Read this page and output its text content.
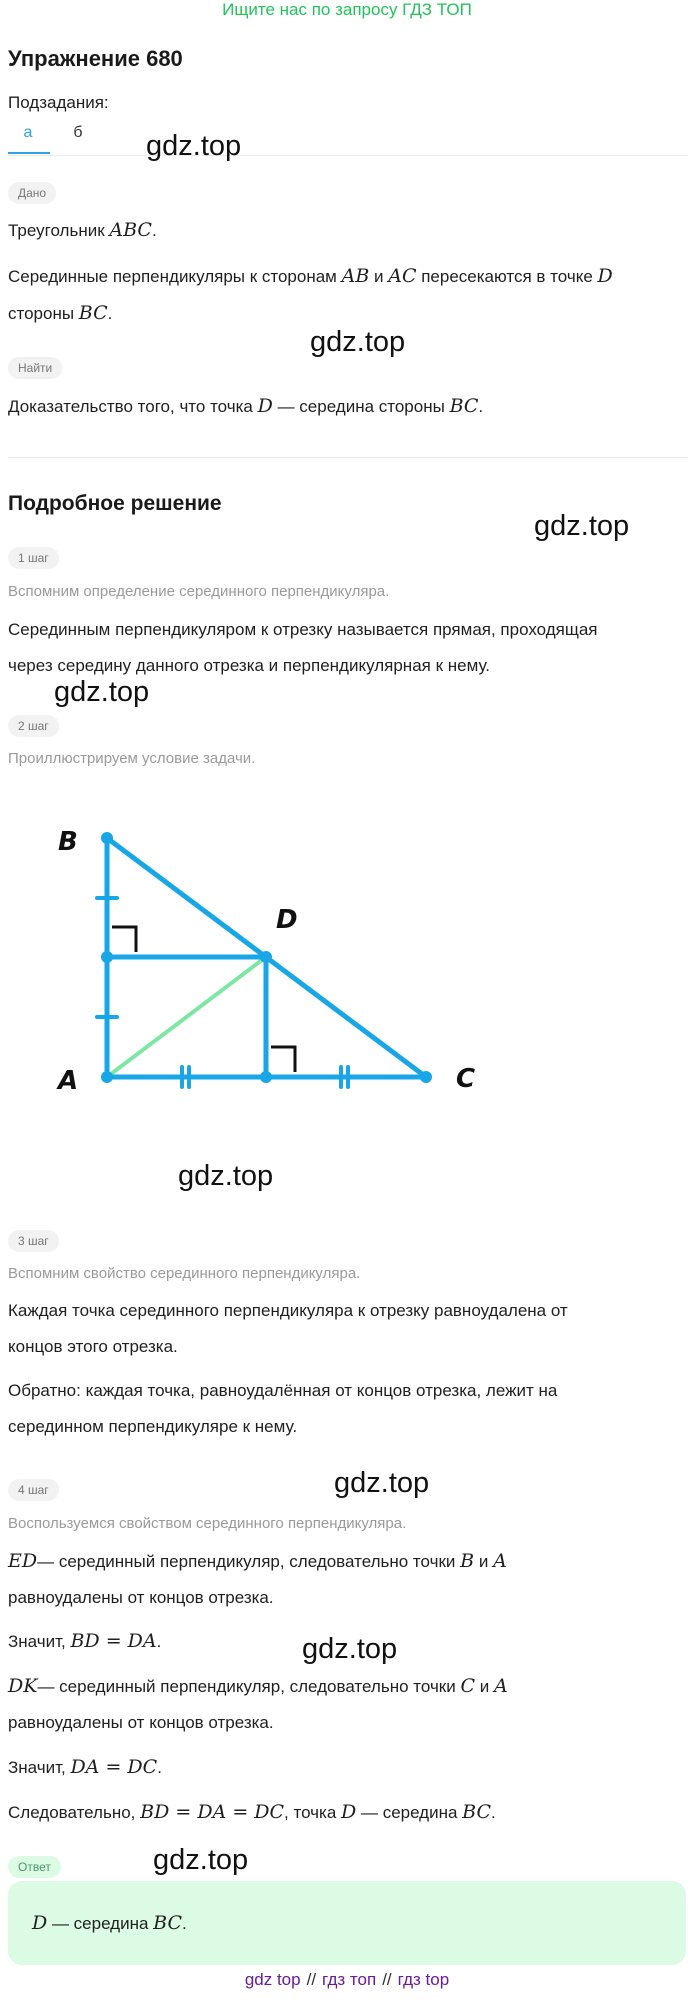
Ищите нас по запросу ГДЗ ТОП
Упражнение 680
Подзадания:
а	б	gdz.top
Дано
Треугольник ABC.
Серединные перпендикуляры к сторонам AB и AC пересекаются в точке D
стороны BC.
gdz.top
Найти
Доказательство того, что точка D — середина стороны BC.
Подробное решение
gdz.top
1 шаг
Вспомним определение серединного перпендикуляра.
Серединным перпендикуляром к отрезку называется прямая, проходящая
через середину данного отрезка и перпендикулярная к нему.
gdz.top
2 шаг
Проиллюстрируем условие задачи.
B
D
A	C
gdz.top
3 шаг
Вспомним свойство серединного перпендикуляра.
Каждая точка серединного перпендикуляра к отрезку равноудалена от
концов этого отрезка.
Обратно: каждая точка, равноудалённая от концов отрезка, лежит на
серединном перпендикуляре к нему.
gdz.top
4 шаг
Воспользуемся свойством серединного перпендикуляра.
ED— серединный перпендикуляр, следовательно точки B и A
равноудалены от концов отрезка.
Значит, BD = DA.	gdz.top
DK— серединный перпендикуляр, следовательно точки C и A
равноудалены от концов отрезка.
Значит, DA = DC.
Следовательно, BD = DA = DC, точка D — середина BC.
Ответ	gdz.top
D — середина BC.
gdz top // гдз топ // гдз top
